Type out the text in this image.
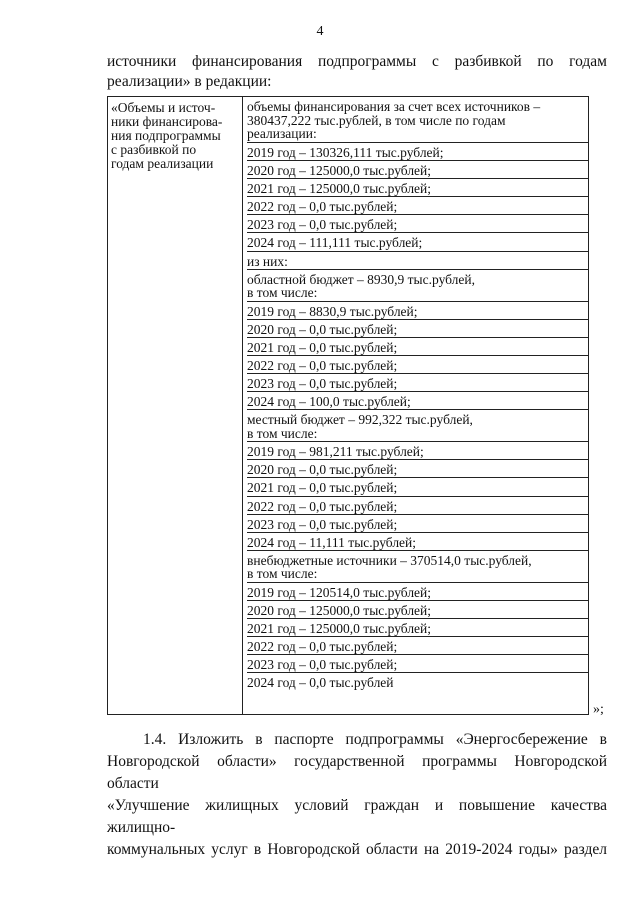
4
источники финансирования подпрограммы с разбивкой по годам
реализации» в редакции:
«Объемы и источ-
ники финансирова-
ния подпрограммы
с разбивкой по
годам реализации
объемы финансирования за счет всех источников –
380437,222 тыс.рублей, в том числе по годам
реализации:
2019 год – 130326,111 тыс.рублей;
2020 год – 125000,0 тыс.рублей;
2021 год – 125000,0 тыс.рублей;
2022 год – 0,0 тыс.рублей;
2023 год – 0,0 тыс.рублей;
2024 год – 111,111 тыс.рублей;
из них:
областной бюджет – 8930,9 тыс.рублей,
в том числе:
2019 год – 8830,9 тыс.рублей;
2020 год – 0,0 тыс.рублей;
2021 год – 0,0 тыс.рублей;
2022 год – 0,0 тыс.рублей;
2023 год – 0,0 тыс.рублей;
2024 год – 100,0 тыс.рублей;
местный бюджет – 992,322 тыс.рублей,
в том числе:
2019 год – 981,211 тыс.рублей;
2020 год – 0,0 тыс.рублей;
2021 год – 0,0 тыс.рублей;
2022 год – 0,0 тыс.рублей;
2023 год – 0,0 тыс.рублей;
2024 год – 11,111 тыс.рублей;
внебюджетные источники – 370514,0 тыс.рублей,
в том числе:
2019 год – 120514,0 тыс.рублей;
2020 год – 125000,0 тыс.рублей;
2021 год – 125000,0 тыс.рублей;
2022 год – 0,0 тыс.рублей;
2023 год – 0,0 тыс.рублей;
2024 год – 0,0 тыс.рублей
»;
1.4. Изложить в паспорте подпрограммы «Энергосбережение в

Новгородской области» государственной программы Новгородской области

«Улучшение жилищных условий граждан и повышение качества жилищно-

коммунальных услуг в Новгородской области на 2019-2024 годы» раздел
